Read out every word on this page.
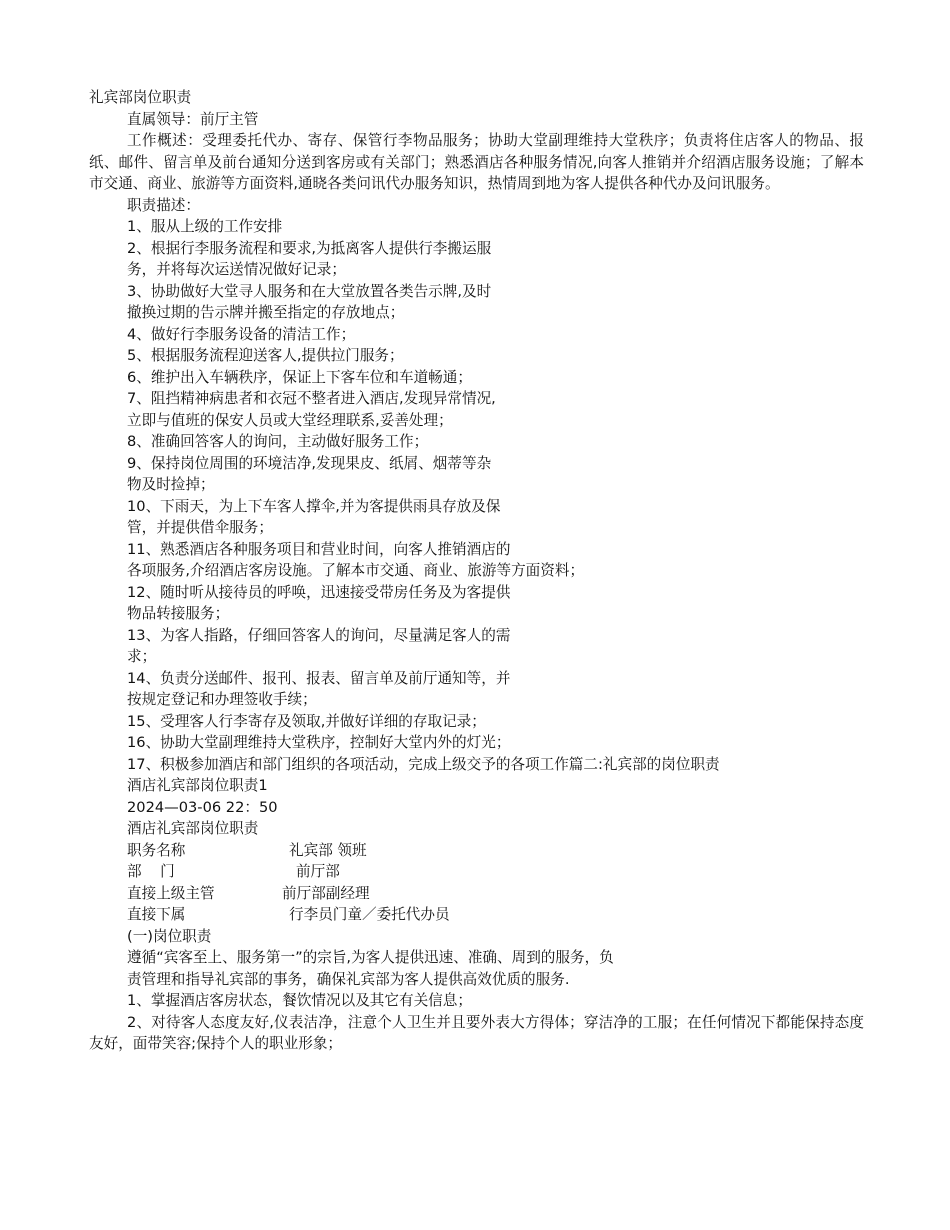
礼宾部岗位职责
直属领导：前厅主管
工作概述：受理委托代办、寄存、保管行李物品服务；协助大堂副理维持大堂秩序；负责将住店客人的物品、报纸、邮件、留言单及前台通知分送到客房或有关部门；熟悉酒店各种服务情况,向客人推销并介绍酒店服务设施；了解本市交通、商业、旅游等方面资料,通晓各类问讯代办服务知识，热情周到地为客人提供各种代办及问讯服务。
职责描述：
1、服从上级的工作安排
2、根据行李服务流程和要求,为抵离客人提供行李搬运服
务，并将每次运送情况做好记录；
3、协助做好大堂寻人服务和在大堂放置各类告示牌,及时
撤换过期的告示牌并搬至指定的存放地点；
4、做好行李服务设备的清洁工作；
5、根据服务流程迎送客人,提供拉门服务；
6、维护出入车辆秩序，保证上下客车位和车道畅通；
7、阻挡精神病患者和衣冠不整者进入酒店,发现异常情况,
立即与值班的保安人员或大堂经理联系,妥善处理；
8、准确回答客人的询问，主动做好服务工作；
9、保持岗位周围的环境洁净,发现果皮、纸屑、烟蒂等杂
物及时捡掉；
10、下雨天，为上下车客人撑伞,并为客提供雨具存放及保
管，并提供借伞服务；
11、熟悉酒店各种服务项目和营业时间，向客人推销酒店的
各项服务,介绍酒店客房设施。了解本市交通、商业、旅游等方面资料；
12、随时听从接待员的呼唤，迅速接受带房任务及为客提供
物品转接服务；
13、为客人指路，仔细回答客人的询问，尽量满足客人的需
求；
14、负责分送邮件、报刊、报表、留言单及前厅通知等，并
按规定登记和办理签收手续；
15、受理客人行李寄存及领取,并做好详细的存取记录；
16、协助大堂副理维持大堂秩序，控制好大堂内外的灯光；
17、积极参加酒店和部门组织的各项活动，完成上级交予的各项工作篇二:礼宾部的岗位职责
酒店礼宾部岗位职责1
2024—03-06 22：50
酒店礼宾部岗位职责
职务名称	礼宾部 领班
部    门	前厅部
直接上级主管	前厅部副经理
直接下属	行李员门童／委托代办员
(一)岗位职责
遵循“宾客至上、服务第一”的宗旨,为客人提供迅速、准确、周到的服务，负
责管理和指导礼宾部的事务，确保礼宾部为客人提供高效优质的服务.
1、掌握酒店客房状态，餐饮情况以及其它有关信息；
2、对待客人态度友好,仪表洁净，注意个人卫生并且要外表大方得体；穿洁净的工服；在任何情况下都能保持态度友好，面带笑容;保持个人的职业形象；
